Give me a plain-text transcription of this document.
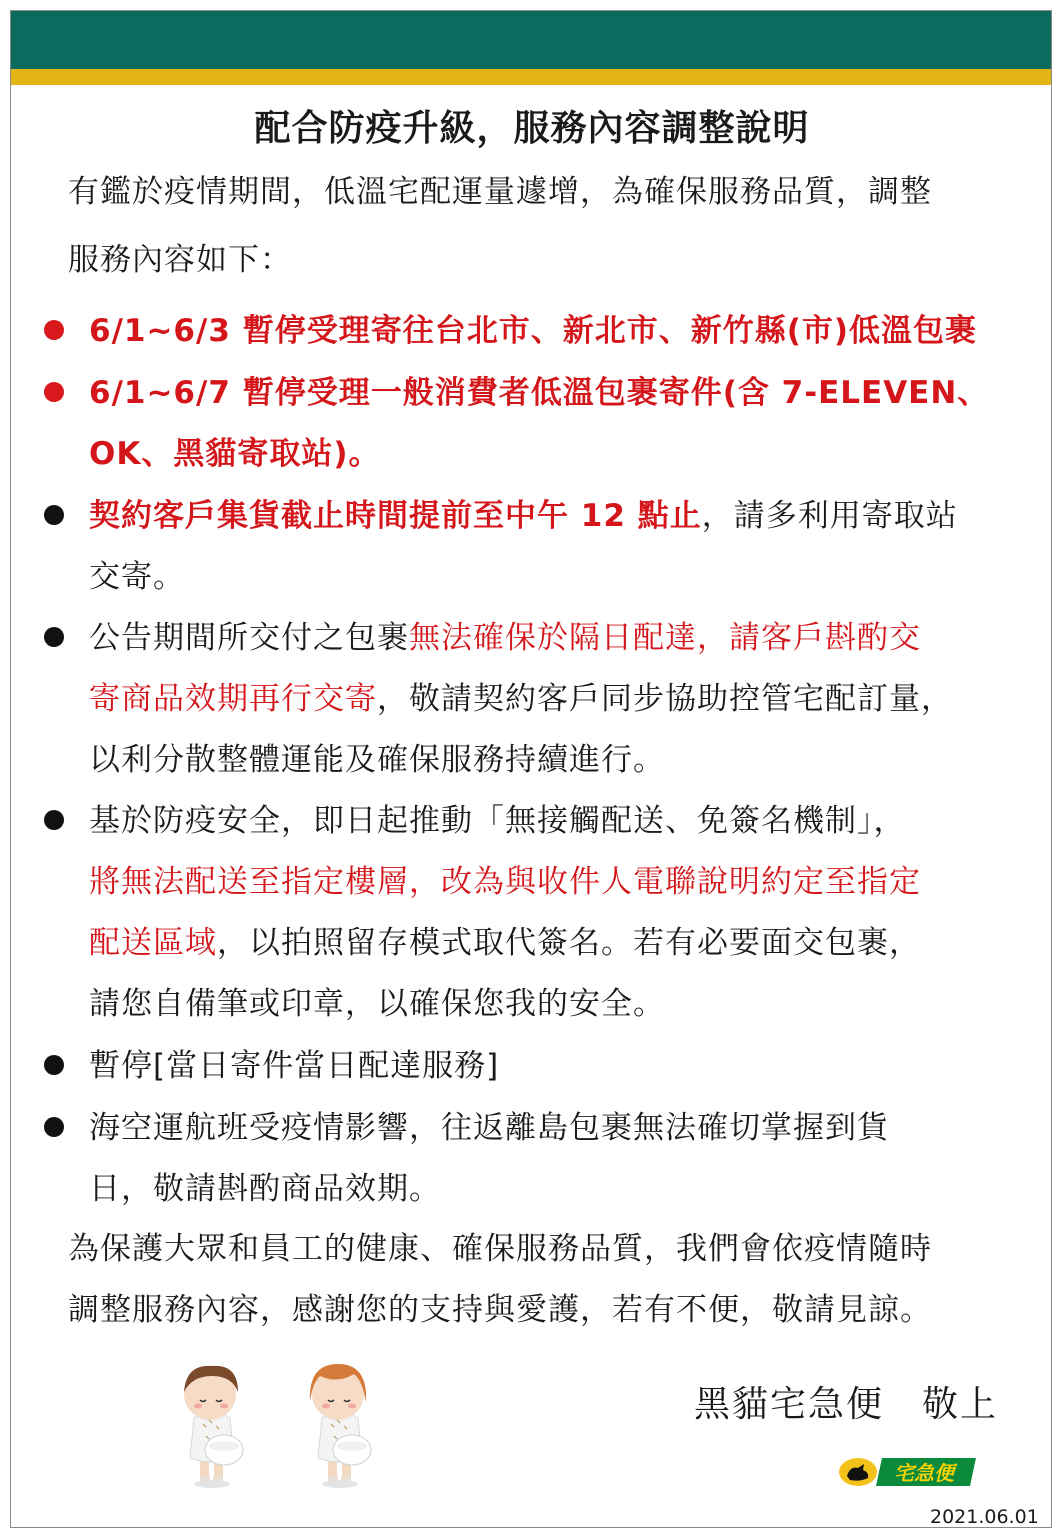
配合防疫升級，服務內容調整說明
有鑑於疫情期間，低溫宅配運量遽增，為確保服務品質，調整
服務內容如下：
6/1~6/3 暫停受理寄往台北市、新北市、新竹縣(市)低溫包裹
6/1~6/7 暫停受理一般消費者低溫包裹寄件(含 7-ELEVEN、
OK、黑貓寄取站)。
契約客戶集貨截止時間提前至中午 12 點止，請多利用寄取站
交寄。
公告期間所交付之包裹無法確保於隔日配達，請客戶斟酌交
寄商品效期再行交寄，敬請契約客戶同步協助控管宅配訂量，
以利分散整體運能及確保服務持續進行。
基於防疫安全，即日起推動「無接觸配送、免簽名機制」，
將無法配送至指定樓層，改為與收件人電聯說明約定至指定
配送區域，以拍照留存模式取代簽名。若有必要面交包裹，
請您自備筆或印章，以確保您我的安全。
暫停[當日寄件當日配達服務]
海空運航班受疫情影響，往返離島包裹無法確切掌握到貨
日，敬請斟酌商品效期。
為保護大眾和員工的健康、確保服務品質，我們會依疫情隨時
調整服務內容，感謝您的支持與愛護，若有不便，敬請見諒。
黑貓宅急便　敬上
宅急便
2021.06.01
